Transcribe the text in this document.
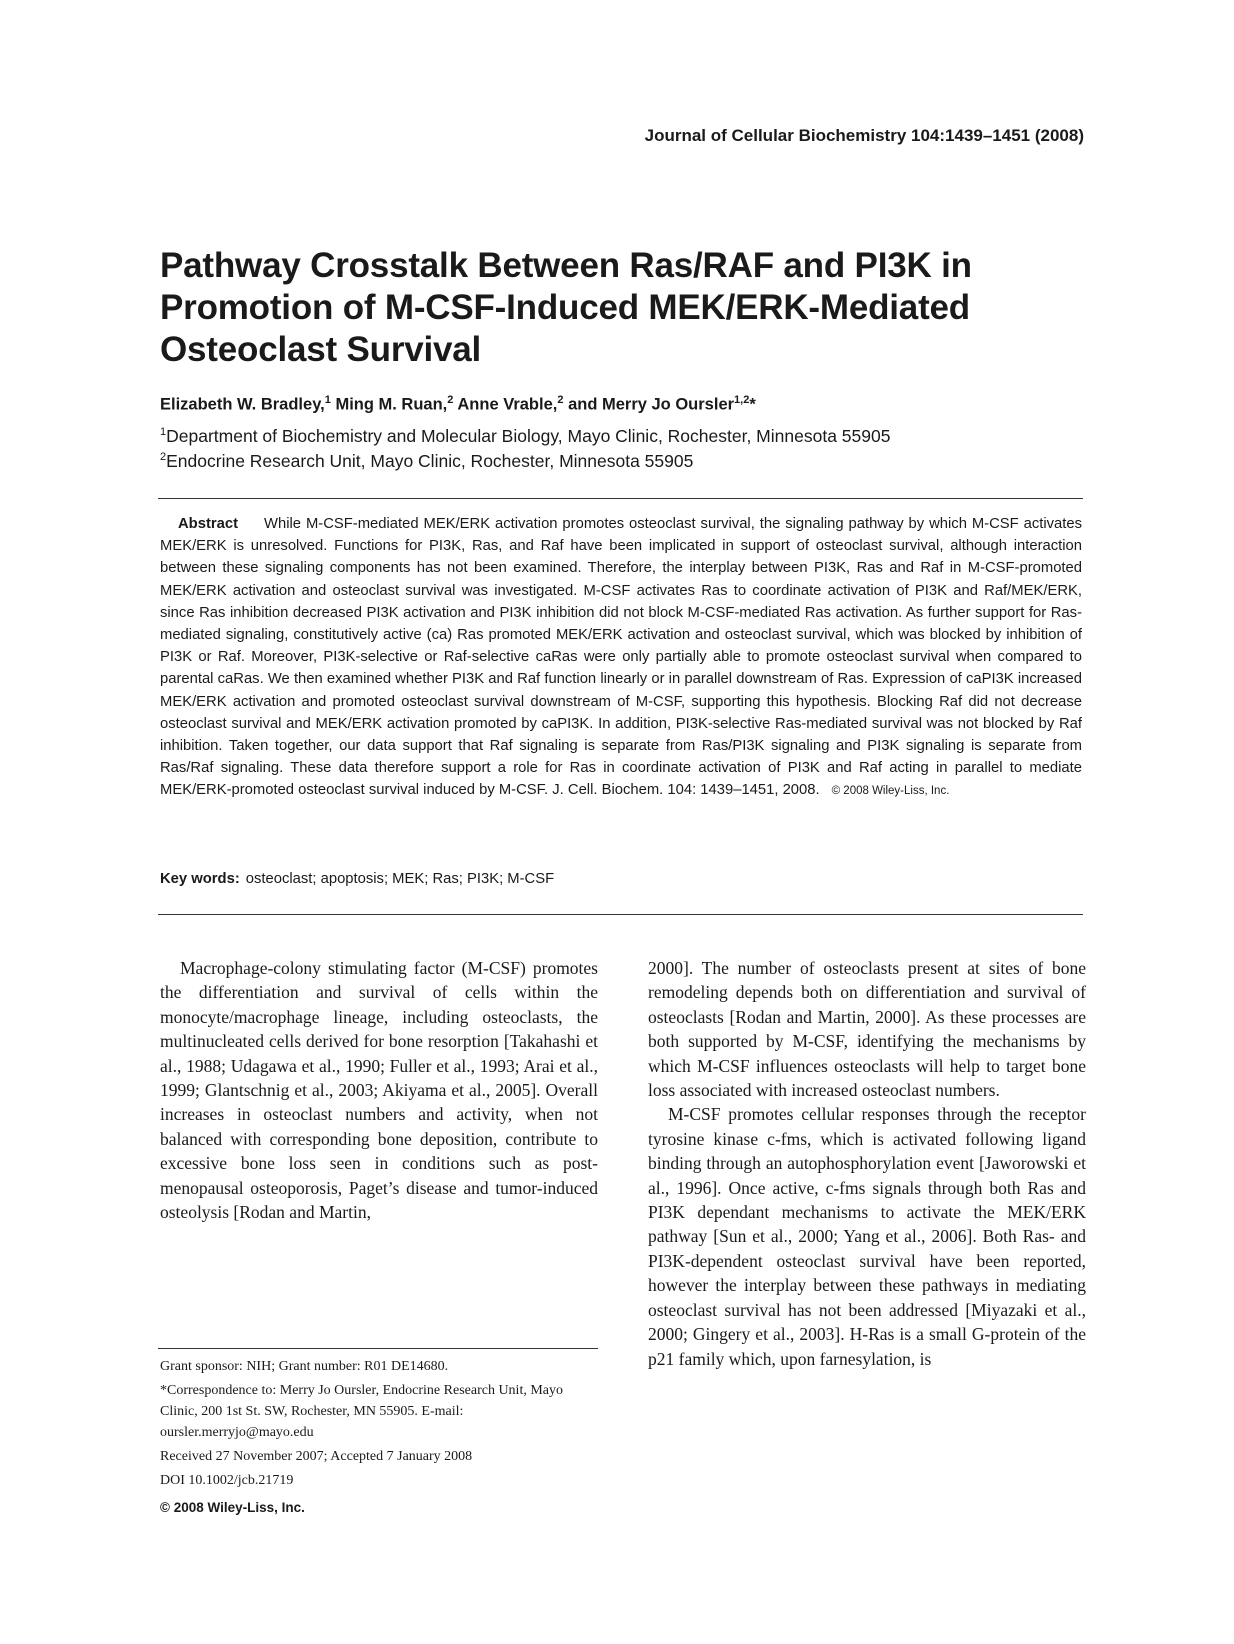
Journal of Cellular Biochemistry 104:1439–1451 (2008)
Pathway Crosstalk Between Ras/RAF and PI3K in Promotion of M-CSF-Induced MEK/ERK-Mediated Osteoclast Survival
Elizabeth W. Bradley,$^1$ Ming M. Ruan,$^2$ Anne Vrable,$^2$ and Merry Jo Oursler$^{1,2}$*
$^1$Department of Biochemistry and Molecular Biology, Mayo Clinic, Rochester, Minnesota 55905
$^2$Endocrine Research Unit, Mayo Clinic, Rochester, Minnesota 55905

Abstract While M-CSF-mediated MEK/ERK activation promotes osteoclast survival, the signaling pathway by which M-CSF activates MEK/ERK is unresolved. Functions for PI3K, Ras, and Raf have been implicated in support of osteoclast survival, although interaction between these signaling components has not been examined. Therefore, the interplay between PI3K, Ras and Raf in M-CSF-promoted MEK/ERK activation and osteoclast survival was investigated. M-CSF activates Ras to coordinate activation of PI3K and Raf/MEK/ERK, since Ras inhibition decreased PI3K activation and PI3K inhibition did not block M-CSF-mediated Ras activation. As further support for Ras-mediated signaling, constitutively active (ca) Ras promoted MEK/ERK activation and osteoclast survival, which was blocked by inhibition of PI3K or Raf. Moreover, PI3K-selective or Raf-selective caRas were only partially able to promote osteoclast survival when compared to parental caRas. We then examined whether PI3K and Raf function linearly or in parallel downstream of Ras. Expression of caPI3K increased MEK/ERK activation and promoted osteoclast survival downstream of M-CSF, supporting this hypothesis. Blocking Raf did not decrease osteoclast survival and MEK/ERK activation promoted by caPI3K. In addition, PI3K-selective Ras-mediated survival was not blocked by Raf inhibition. Taken together, our data support that Raf signaling is separate from Ras/PI3K signaling and PI3K signaling is separate from Ras/Raf signaling. These data therefore support a role for Ras in coordinate activation of PI3K and Raf acting in parallel to mediate MEK/ERK-promoted osteoclast survival induced by M-CSF. J. Cell. Biochem. 104: 1439–1451, 2008. © 2008 Wiley-Liss, Inc.

Key words: osteoclast; apoptosis; MEK; Ras; PI3K; M-CSF

Macrophage-colony stimulating factor (M-CSF) promotes the differentiation and survival of cells within the monocyte/macrophage lineage, including osteoclasts, the multinucleated cells derived for bone resorption [Takahashi et al., 1988; Udagawa et al., 1990; Fuller et al., 1993; Arai et al., 1999; Glantschnig et al., 2003; Akiyama et al., 2005]. Overall increases in osteoclast numbers and activity, when not balanced with corresponding bone deposition, contribute to excessive bone loss seen in conditions such as post-menopausal osteoporosis, Paget’s disease and tumor-induced osteolysis [Rodan and Martin,

2000]. The number of osteoclasts present at sites of bone remodeling depends both on differentiation and survival of osteoclasts [Rodan and Martin, 2000]. As these processes are both supported by M-CSF, identifying the mechanisms by which M-CSF influences osteoclasts will help to target bone loss associated with increased osteoclast numbers.

M-CSF promotes cellular responses through the receptor tyrosine kinase c-fms, which is activated following ligand binding through an autophosphorylation event [Jaworowski et al., 1996]. Once active, c-fms signals through both Ras and PI3K dependant mechanisms to activate the MEK/ERK pathway [Sun et al., 2000; Yang et al., 2006]. Both Ras- and PI3K-dependent osteoclast survival have been reported, however the interplay between these pathways in mediating osteoclast survival has not been addressed [Miyazaki et al., 2000; Gingery et al., 2003]. H-Ras is a small G-protein of the p21 family which, upon farnesylation, is

Grant sponsor: NIH; Grant number: R01 DE14680.
*Correspondence to: Merry Jo Oursler, Endocrine Research Unit, Mayo Clinic, 200 1st St. SW, Rochester, MN 55905. E-mail: oursler.merryjo@mayo.edu
Received 27 November 2007; Accepted 7 January 2008
DOI 10.1002/jcb.21719
© 2008 Wiley-Liss, Inc.
